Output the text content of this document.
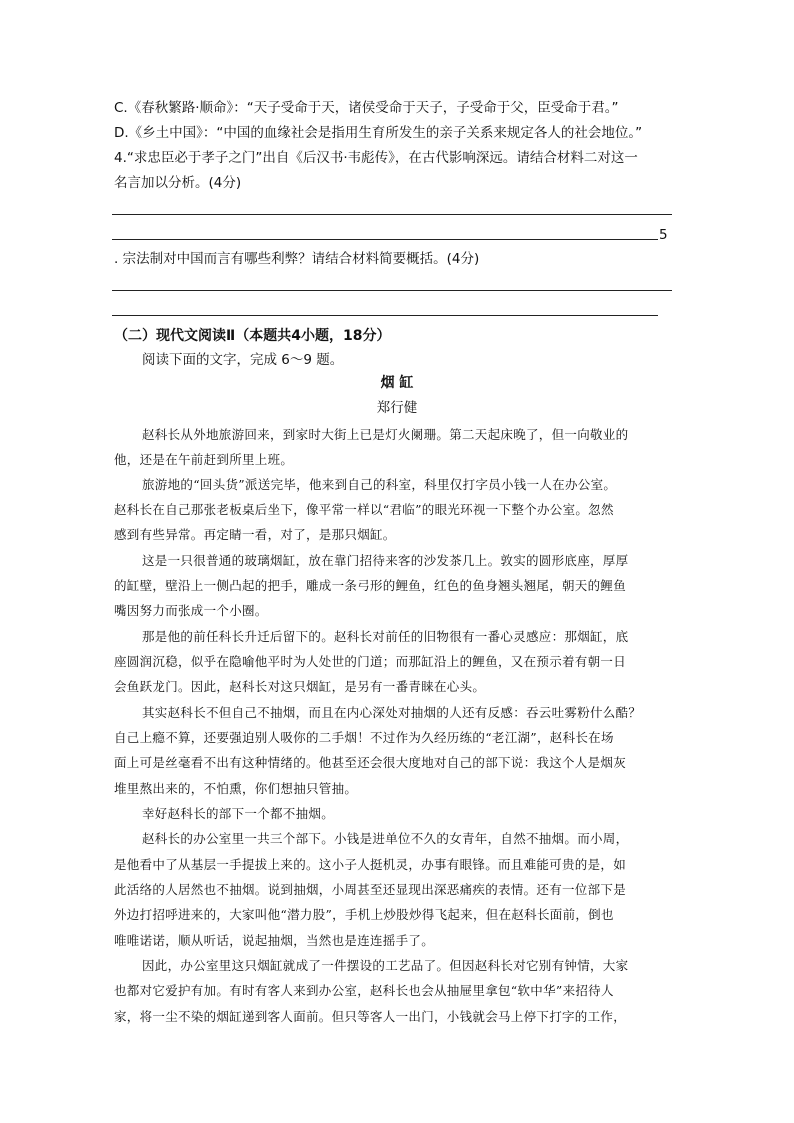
C.《春秋繁路·顺命》：“天子受命于天，诸侯受命于天子，子受命于父，臣受命于君。”
D.《乡土中国》：“中国的血缘社会是指用生育所发生的亲子关系来规定各人的社会地位。”
4.“求忠臣必于孝子之门”出自《后汉书·韦彪传》，在古代影响深远。请结合材料二对这一
名言加以分析。(4分)
5
. 宗法制对中国而言有哪些利弊？请结合材料简要概括。(4分)
（二）现代文阅读Ⅱ（本题共4小题，18分）
阅读下面的文字，完成 6～9 题。
烟 缸
郑行健
赵科长从外地旅游回来，到家时大街上已是灯火阑珊。第二天起床晚了，但一向敬业的
他，还是在午前赶到所里上班。
旅游地的“回头货”派送完毕，他来到自己的科室，科里仅打字员小钱一人在办公室。
赵科长在自己那张老板桌后坐下，像平常一样以“君临”的眼光环视一下整个办公室。忽然
感到有些异常。再定睛一看，对了，是那只烟缸。
这是一只很普通的玻璃烟缸，放在靠门招待来客的沙发茶几上。敦实的圆形底座，厚厚
的缸壁，壁沿上一侧凸起的把手，雕成一条弓形的鲤鱼，红色的鱼身翘头翘尾，朝天的鲤鱼
嘴因努力而张成一个小圈。
那是他的前任科长升迁后留下的。赵科长对前任的旧物很有一番心灵感应：那烟缸，底
座圆润沉稳，似乎在隐喻他平时为人处世的门道；而那缸沿上的鲤鱼，又在预示着有朝一日
会鱼跃龙门。因此，赵科长对这只烟缸，是另有一番青睐在心头。
其实赵科长不但自己不抽烟，而且在内心深处对抽烟的人还有反感：吞云吐雾粉什么酷？
自己上瘾不算，还要强迫别人吸你的二手烟！不过作为久经历练的“老江湖”，赵科长在场
面上可是丝毫看不出有这种情绪的。他甚至还会很大度地对自己的部下说：我这个人是烟灰
堆里熬出来的，不怕熏，你们想抽只管抽。
幸好赵科长的部下一个都不抽烟。
赵科长的办公室里一共三个部下。小钱是进单位不久的女青年，自然不抽烟。而小周，
是他看中了从基层一手提拔上来的。这小子人挺机灵，办事有眼锋。而且难能可贵的是，如
此活络的人居然也不抽烟。说到抽烟，小周甚至还显现出深恶痛疾的表情。还有一位部下是
外边打招呼进来的，大家叫他“潜力股”，手机上炒股炒得飞起来，但在赵科长面前，倒也
唯唯诺诺，顺从听话，说起抽烟，当然也是连连摇手了。
因此，办公室里这只烟缸就成了一件摆设的工艺品了。但因赵科长对它别有钟情，大家
也都对它爱护有加。有时有客人来到办公室，赵科长也会从抽屉里拿包“软中华”来招待人
家，将一尘不染的烟缸递到客人面前。但只等客人一出门，小钱就会马上停下打字的工作，
